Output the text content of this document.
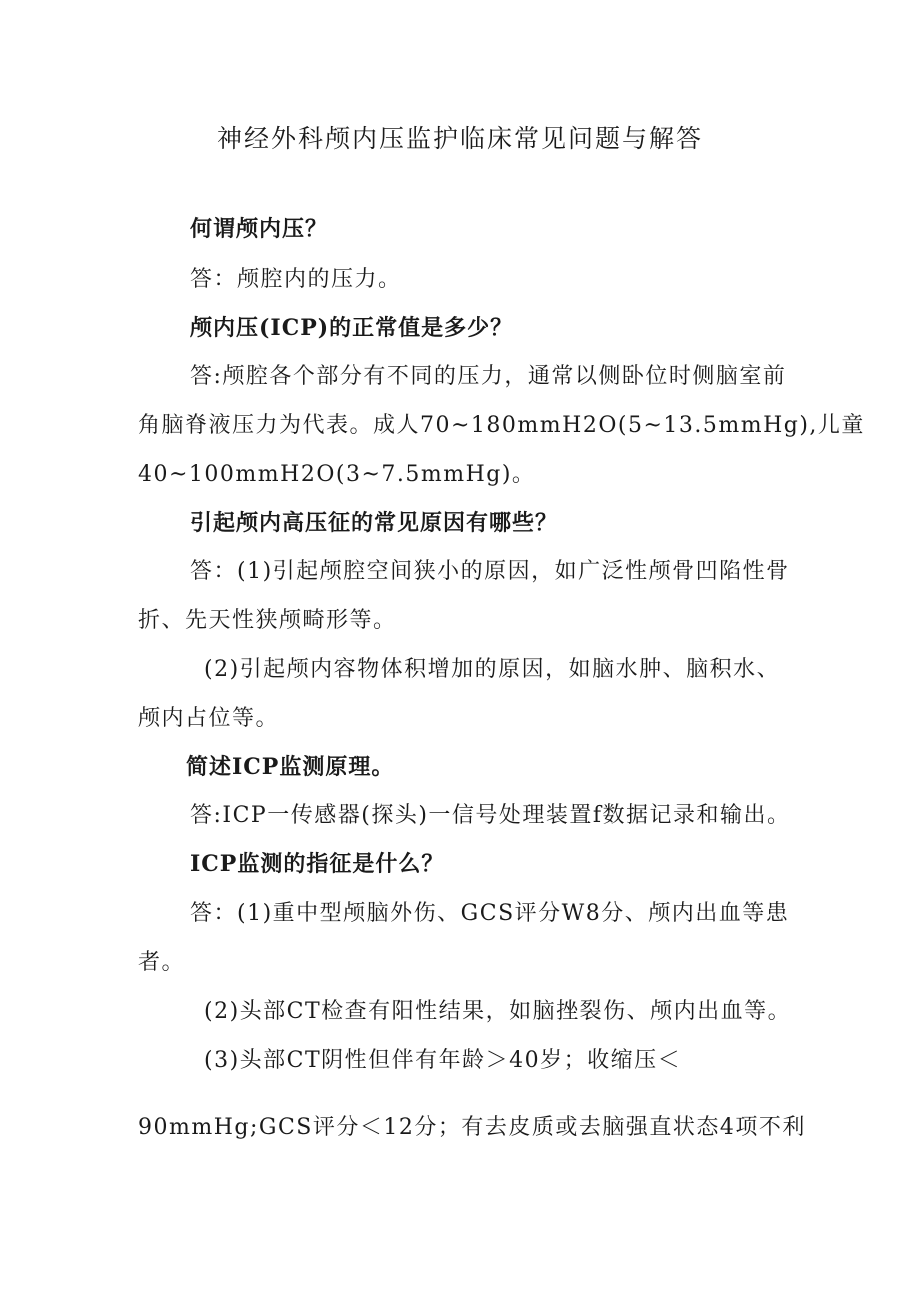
神经外科颅内压监护临床常见问题与解答
何谓颅内压？
答：颅腔内的压力。
颅内压(ICP)的正常值是多少？
答:颅腔各个部分有不同的压力，通常以侧卧位时侧脑室前
角脑脊液压力为代表。成人70~180mmH2O(5~13.5mmHg),儿童
40~100mmH2O(3~7.5mmHg)。
引起颅内高压征的常见原因有哪些？
答：(1)引起颅腔空间狭小的原因，如广泛性颅骨凹陷性骨
折、先天性狭颅畸形等。
(2)引起颅内容物体积增加的原因，如脑水肿、脑积水、
颅内占位等。
简述ICP监测原理。
答:ICP一传感器(探头)一信号处理装置f数据记录和输出。
ICP监测的指征是什么？
答：(1)重中型颅脑外伤、GCS评分W8分、颅内出血等患
者。
(2)头部CT检查有阳性结果，如脑挫裂伤、颅内出血等。
(3)头部CT阴性但伴有年龄＞40岁；收缩压＜
90mmHg;GCS评分＜12分；有去皮质或去脑强直状态4项不利
